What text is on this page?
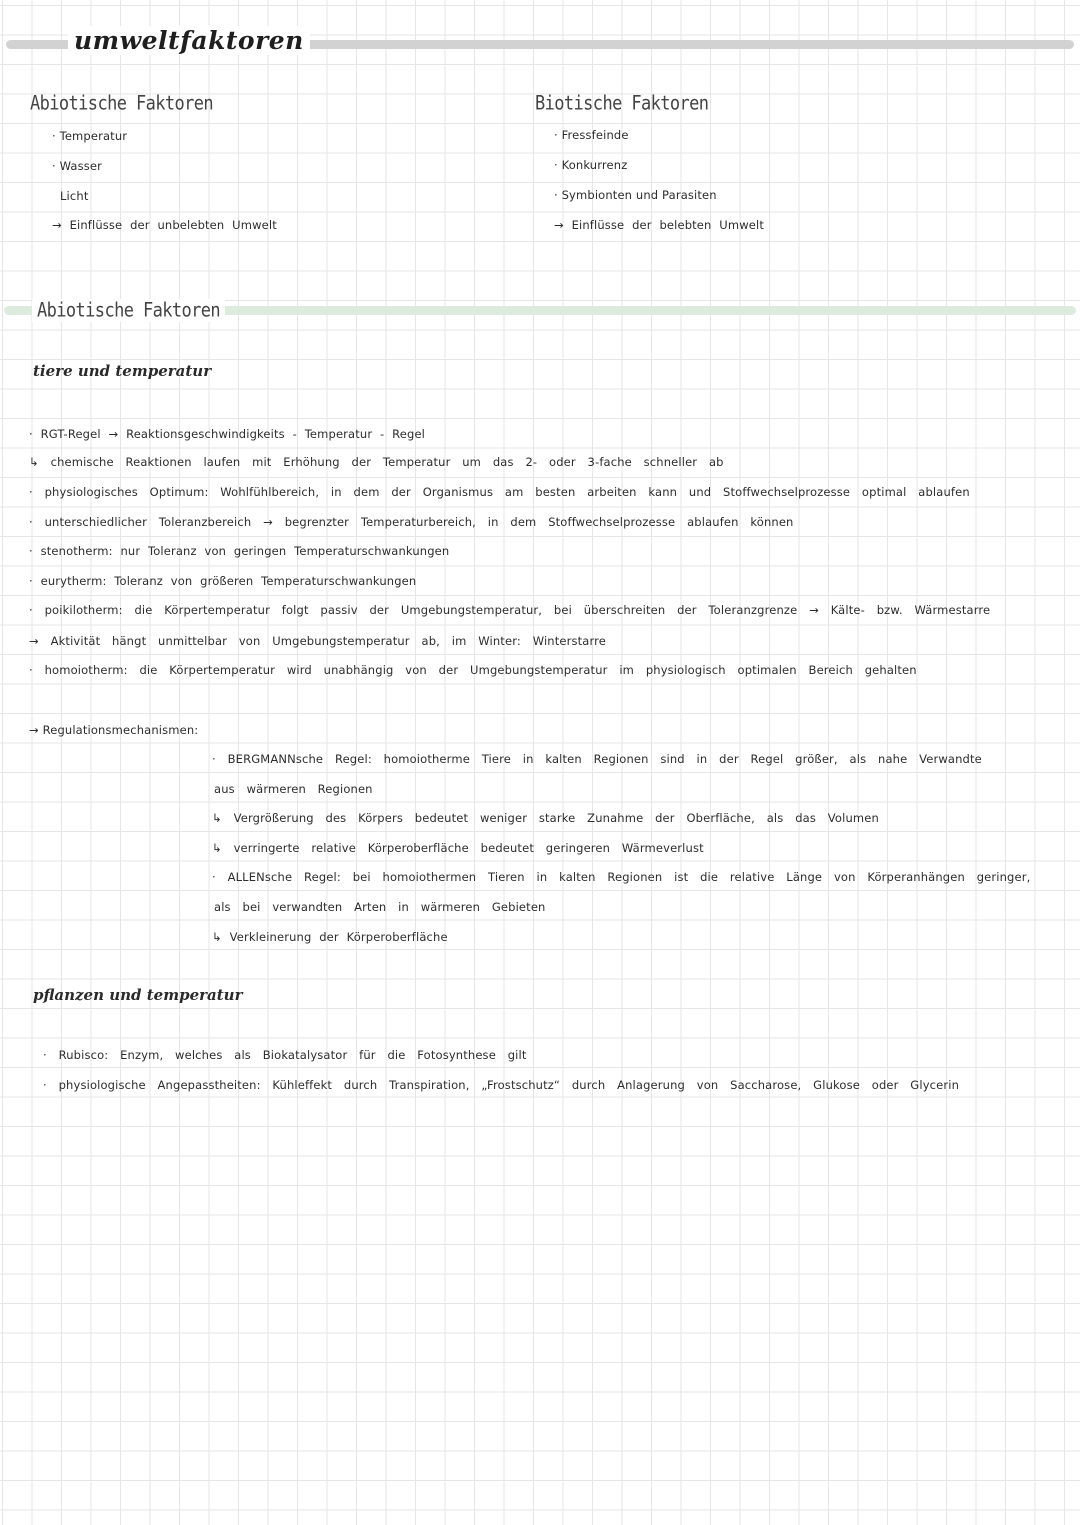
umweltfaktoren
Abiotische Faktoren
· Temperatur
· Wasser
Licht
→ Einflüsse der unbelebten Umwelt
Biotische Faktoren
· Fressfeinde
· Konkurrenz
· Symbionten und Parasiten
→ Einflüsse der belebten Umwelt
Abiotische Faktoren
tiere und temperatur
· RGT-Regel → Reaktionsgeschwindigkeits - Temperatur - Regel
↳ chemische Reaktionen laufen mit Erhöhung der Temperatur um das 2- oder 3-fache schneller ab
· physiologisches Optimum: Wohlfühlbereich, in dem der Organismus am besten arbeiten kann und Stoffwechselprozesse optimal ablaufen
· unterschiedlicher Toleranzbereich → begrenzter Temperaturbereich, in dem Stoffwechselprozesse ablaufen können
· stenotherm: nur Toleranz von geringen Temperaturschwankungen
· eurytherm: Toleranz von größeren Temperaturschwankungen
· poikilotherm: die Körpertemperatur folgt passiv der Umgebungstemperatur, bei überschreiten der Toleranzgrenze → Kälte- bzw. Wärmestarre
→ Aktivität hängt unmittelbar von Umgebungstemperatur ab, im Winter: Winterstarre
· homoiotherm: die Körpertemperatur wird unabhängig von der Umgebungstemperatur im physiologisch optimalen Bereich gehalten
→ Regulationsmechanismen:
· BERGMANNsche Regel: homoiotherme Tiere in kalten Regionen sind in der Regel größer, als nahe Verwandte
aus wärmeren Regionen
↳ Vergrößerung des Körpers bedeutet weniger starke Zunahme der Oberfläche, als das Volumen
↳ verringerte relative Körperoberfläche bedeutet geringeren Wärmeverlust
· ALLENsche Regel: bei homoiothermen Tieren in kalten Regionen ist die relative Länge von Körperanhängen geringer,
als bei verwandten Arten in wärmeren Gebieten
↳ Verkleinerung der Körperoberfläche
pflanzen und temperatur
· Rubisco: Enzym, welches als Biokatalysator für die Fotosynthese gilt
· physiologische Angepasstheiten: Kühleffekt durch Transpiration, „Frostschutz“ durch Anlagerung von Saccharose, Glukose oder Glycerin
